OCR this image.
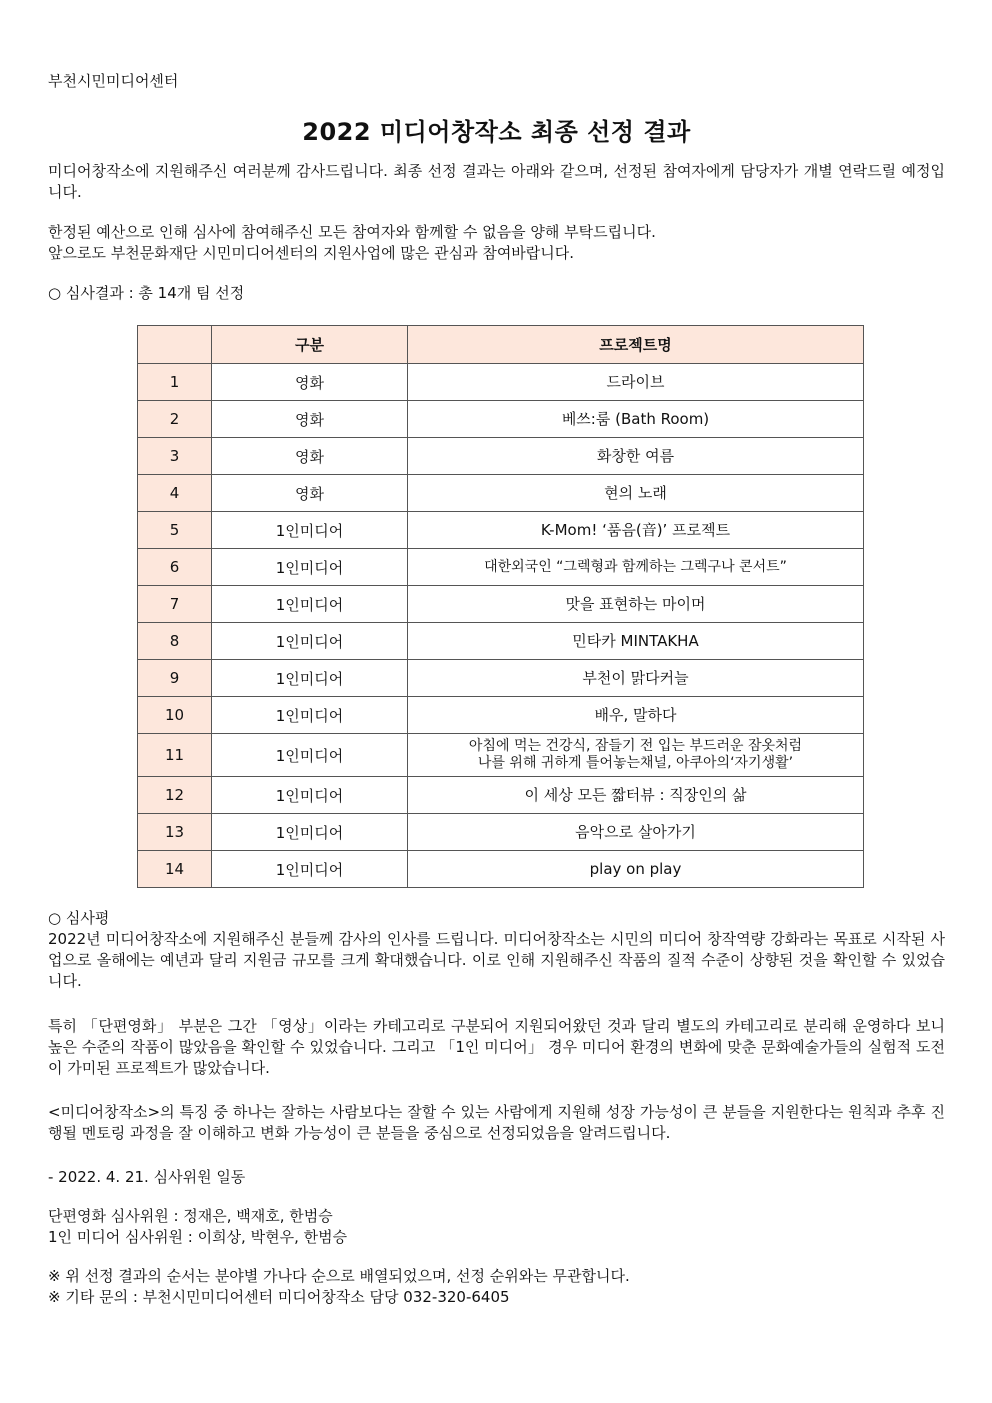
부천시민미디어센터
2022 미디어창작소 최종 선정 결과
미디어창작소에 지원해주신 여러분께 감사드립니다. 최종 선정 결과는 아래와 같으며, 선정된 참여자에게 담당자가 개별 연락드릴 예정입니다.
한정된 예산으로 인해 심사에 참여해주신 모든 참여자와 함께할 수 없음을 양해 부탁드립니다.
앞으로도 부천문화재단 시민미디어센터의 지원사업에 많은 관심과 참여바랍니다.
○ 심사결과 : 총 14개 팀 선정
	구분	프로젝트명
1	영화	드라이브
2	영화	베쓰:룸 (Bath Room)
3	영화	화창한 여름
4	영화	현의 노래
5	1인미디어	K-Mom! ‘품음(音)’ 프로젝트
6	1인미디어	대한외국인 “그렉형과 함께하는 그렉구나 콘서트”
7	1인미디어	맛을 표현하는 마이머
8	1인미디어	민타카 MINTAKHA
9	1인미디어	부천이 맑다커늘
10	1인미디어	배우, 말하다
11	1인미디어	아침에 먹는 건강식, 잠들기 전 입는 부드러운 잠옷처럼
나를 위해 귀하게 틀어놓는채널, 아쿠아의‘자기생활’

12	1인미디어	이 세상 모든 짧터뷰 : 직장인의 삶
13	1인미디어	음악으로 살아가기
14	1인미디어	play on play
○ 심사평
2022년 미디어창작소에 지원해주신 분들께 감사의 인사를 드립니다. 미디어창작소는 시민의 미디어 창작역량 강화라는 목표로 시작된 사업으로 올해에는 예년과 달리 지원금 규모를 크게 확대했습니다. 이로 인해 지원해주신 작품의 질적 수준이 상향된 것을 확인할 수 있었습니다.
특히 「단편영화」 부분은 그간 「영상」이라는 카테고리로 구분되어 지원되어왔던 것과 달리 별도의 카테고리로 분리해 운영하다 보니 높은 수준의 작품이 많았음을 확인할 수 있었습니다. 그리고 「1인 미디어」 경우 미디어 환경의 변화에 맞춘 문화예술가들의 실험적 도전이 가미된 프로젝트가 많았습니다.
<미디어창작소>의 특징 중 하나는 잘하는 사람보다는 잘할 수 있는 사람에게 지원해 성장 가능성이 큰 분들을 지원한다는 원칙과 추후 진행될 멘토링 과정을 잘 이해하고 변화 가능성이 큰 분들을 중심으로 선정되었음을 알려드립니다.
- 2022. 4. 21. 심사위원 일동
단편영화 심사위원 : 정재은, 백재호, 한범승
1인 미디어 심사위원 : 이희상, 박현우, 한범승
※ 위 선정 결과의 순서는 분야별 가나다 순으로 배열되었으며, 선정 순위와는 무관합니다.
※ 기타 문의 : 부천시민미디어센터 미디어창작소 담당 032-320-6405
